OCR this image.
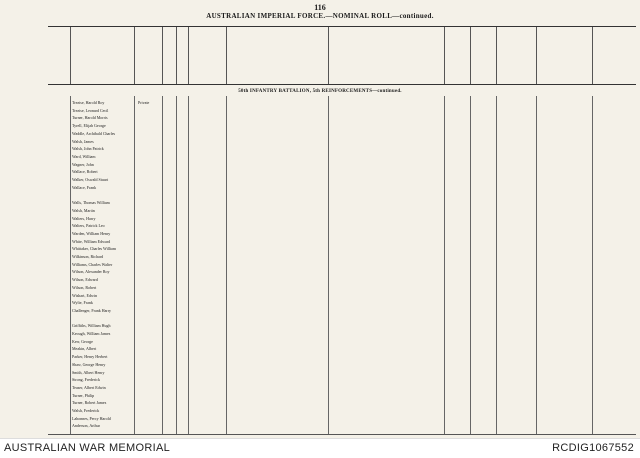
116
AUSTRALIAN IMPERIAL FORCE.—NOMINAL ROLL—continued.
50th INFANTRY BATTALION, 5th REINFORCEMENTS—continued.
Trezise, Harold Roy	Private
Trezise, Leonard Cecil
Turner, Harold Morris
Tyrell, Elijah George
Waddle, Archibald Charles
Walsh, James
Walsh, John Patrick
Ward, William
Wagner, John
Wallace, Robert
Walker, Oswald Stuart
Wallace, Frank
Walls, Thomas William
Walsh, Martin
Walters, Harry
Walters, Patrick Leo
Warden, William Henry
White, William Edward
Whittaker, Charles William
Wilkinson, Richard
Williams, Charles Walter
Wilson, Alexander Roy
Wilson, Edward
Wilson, Robert
Wishart, Edwin
Wylie, Frank
Challenger, Frank Harry
Griffiths, William Hugh
Keough, William James
Kerr, George
Meakin, Albert
Parker, Henry Herbert
Shaw, George Henry
Smith, Albert Henry
Strong, Frederick
Teaser, Albert Edwin
Turner, Philip
Turner, Robert James
Walsh, Frederick
Lahonnes, Percy Harold
Anderson, Arthur
AUSTRALIAN WAR MEMORIAL	RCDIG1067552
